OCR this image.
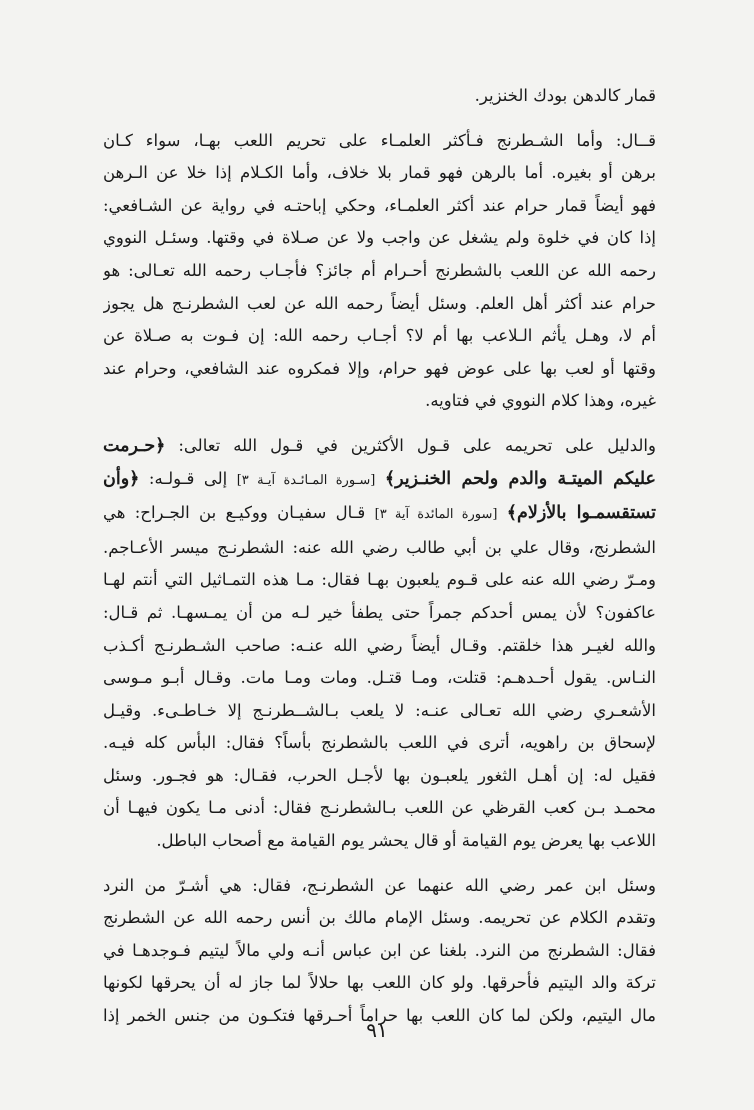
قمار كالدهن بودك الخنزير.
قــال: وأما الشـطرنج فـأكثر العلمـاء على تحريم اللعب بهـا، سواء كـان
برهن أو بغيره. أما بالرهن فهو قمار بلا خلاف، وأما الكـلام إذا خلا عن الـرهن
فهو أيضاً قمار حرام عند أكثر العلمـاء، وحكي إباحتـه في رواية عن الشـافعي:
إذا كان في خلوة ولم يشغل عن واجب ولا عن صـلاة في وقتها. وسئـل النووي
رحمه الله عن اللعب بالشطرنج أحـرام أم جائز؟ فأجـاب رحمه الله تعـالى: هو
حرام عند أكثر أهل العلم. وسئل أيضاً رحمه الله عن لعب الشطرنـج هل يجوز
أم لا، وهـل يأثم الـلاعب بها أم لا؟ أجـاب رحمه الله: إن فـوت به صـلاة عن
وقتها أو لعب بها على عوض فهو حرام، وإلا فمكروه عند الشافعي، وحرام عند
غيره، وهذا كلام النووي في فتاويه.
والدليل على تحريمه على قـول الأكثرين في قـول الله تعالى: ﴿حـرمت
عليكم الميتـة والدم ولحم الخنـزير﴾ [سـورة المـائـدة آيـة ٣] إلى قـولـه: ﴿وأن
تستقسمـوا بالأزلام﴾ [سورة المائدة آية ٣] قـال سفيـان ووكيـع بن الجـراح: هي
الشطرنج، وقال علي بن أبي طالب رضي الله عنه: الشطرنـج ميسر الأعـاجم.
ومـرّ رضي الله عنه على قـوم يلعبون بهـا فقال: مـا هذه التمـاثيل التي أنتم لهـا
عاكفون؟ لأن يمس أحدكم جمراً حتى يطفأ خير لـه من أن يمـسهـا. ثم قـال:
والله لغيـر هذا خلقتم. وقـال أيضاً رضي الله عنـه: صاحب الشـطرنـج أكـذب
النـاس. يقول أحـدهـم: قتلت، ومـا قتـل. ومات ومـا مات. وقـال أبـو مـوسى
الأشعـري رضي الله تعـالى عنـه: لا يلعب بـالشــطرنـج إلا خـاطـىء. وقيـل
لإسحاق بن راهويه، أترى في اللعب بالشطرنج بأساً؟ فقال: البأس كله فيـه.
فقيل له: إن أهـل الثغور يلعبـون بها لأجـل الحرب، فقـال: هو فجـور. وسئل
محمـد بـن كعب القرظي عن اللعب بـالشطرنـج فقال: أدنى مـا يكون فيهـا أن
اللاعب بها يعرض يوم القيامة أو قال يحشر يوم القيامة مع أصحاب الباطل.
وسئل ابن عمر رضي الله عنهما عن الشطرنـج، فقال: هي أشـرّ من النرد
وتقدم الكلام عن تحريمه. وسئل الإمام مالك بن أنس رحمه الله عن الشطرنج
فقال: الشطرنج من النرد. بلغنا عن ابن عباس أنـه ولي مالاً ليتيم فـوجدهـا في
تركة والد اليتيم فأحرقها. ولو كان اللعب بها حلالاً لما جاز له أن يحرقها لكونها
مال اليتيم، ولكن لما كان اللعب بها حراماً أحـرقها فتكـون من جنس الخمر إذا
٩١
